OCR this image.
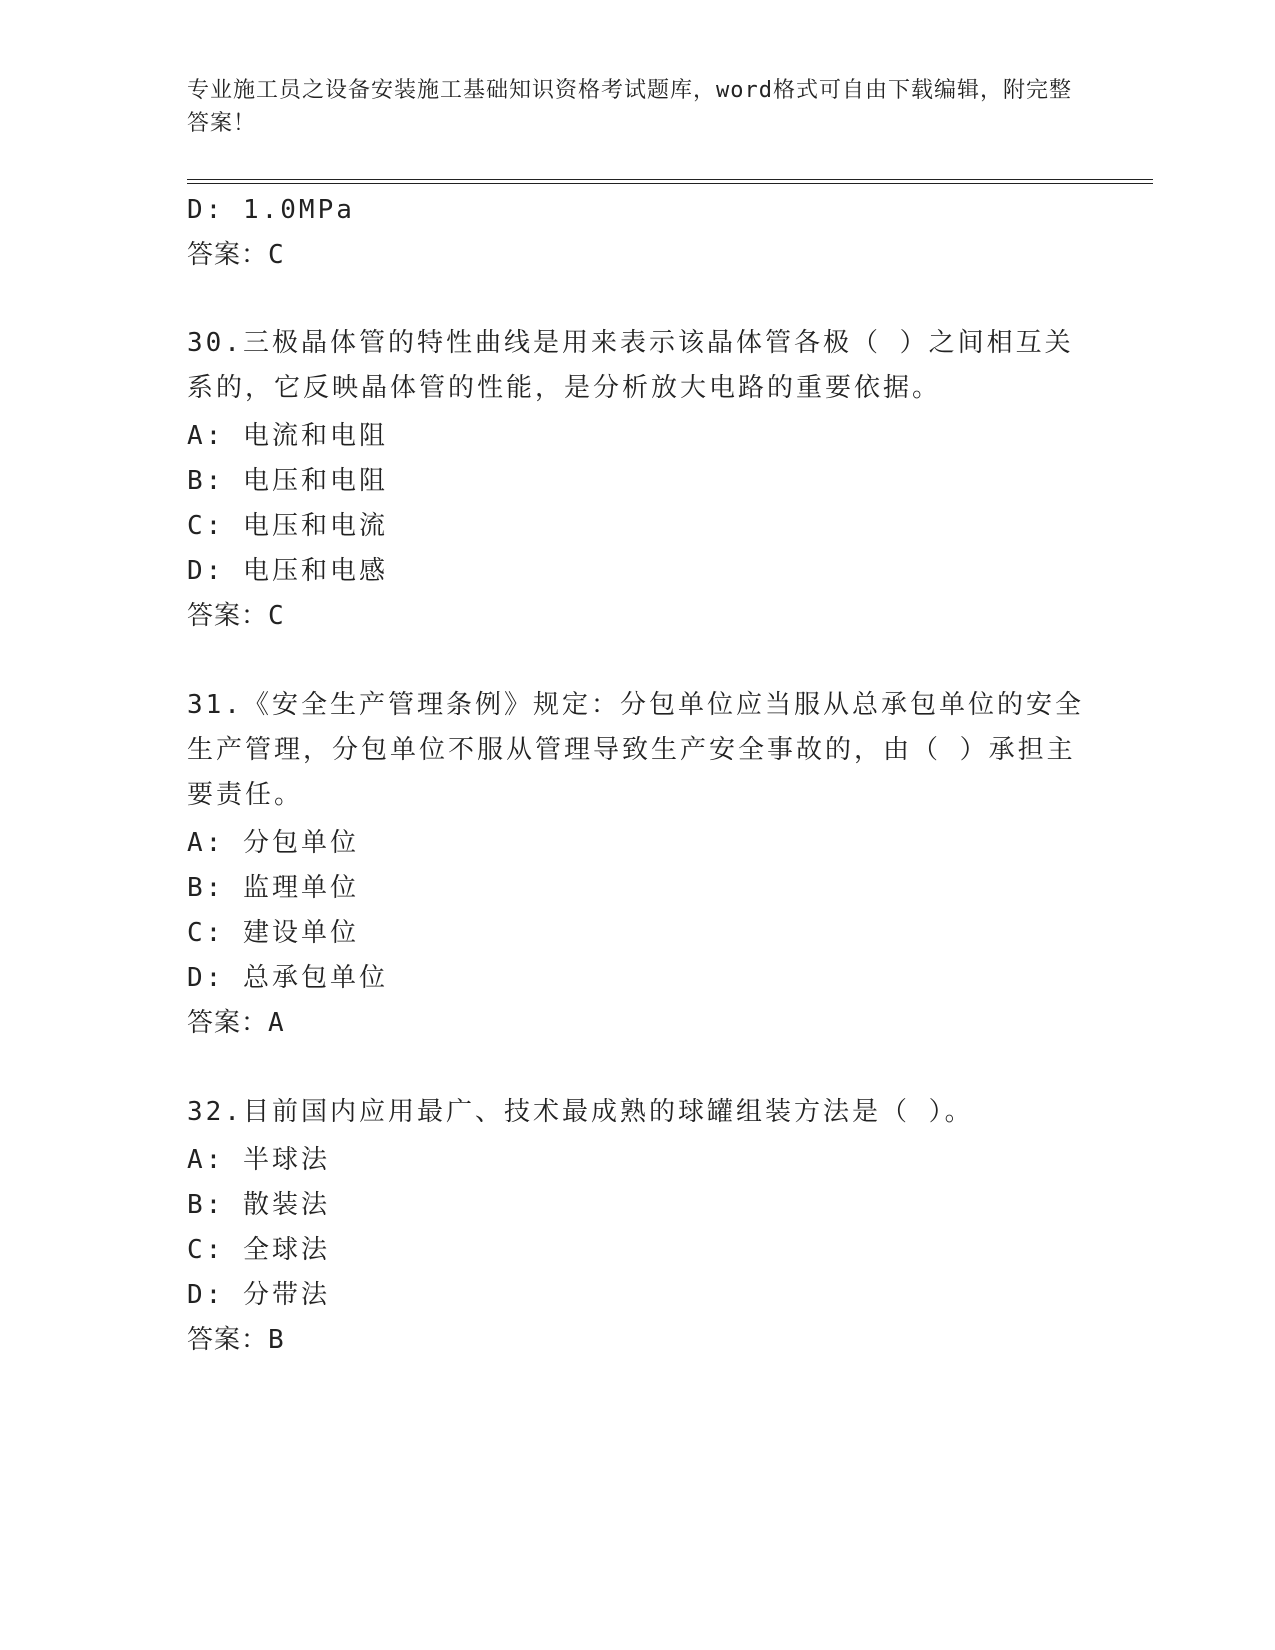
专业施工员之设备安装施工基础知识资格考试题库，word格式可自由下载编辑，附完整答案！
D: 1.0MPa
答案：C
30.三极晶体管的特性曲线是用来表示该晶体管各极（ ）之间相互关系的，它反映晶体管的性能，是分析放大电路的重要依据。
A: 电流和电阻
B: 电压和电阻
C: 电压和电流
D: 电压和电感
答案：C
31.《安全生产管理条例》规定：分包单位应当服从总承包单位的安全生产管理，分包单位不服从管理导致生产安全事故的，由（ ）承担主要责任。
A: 分包单位
B: 监理单位
C: 建设单位
D: 总承包单位
答案：A
32.目前国内应用最广、技术最成熟的球罐组装方法是（ ）。
A: 半球法
B: 散装法
C: 全球法
D: 分带法
答案：B
